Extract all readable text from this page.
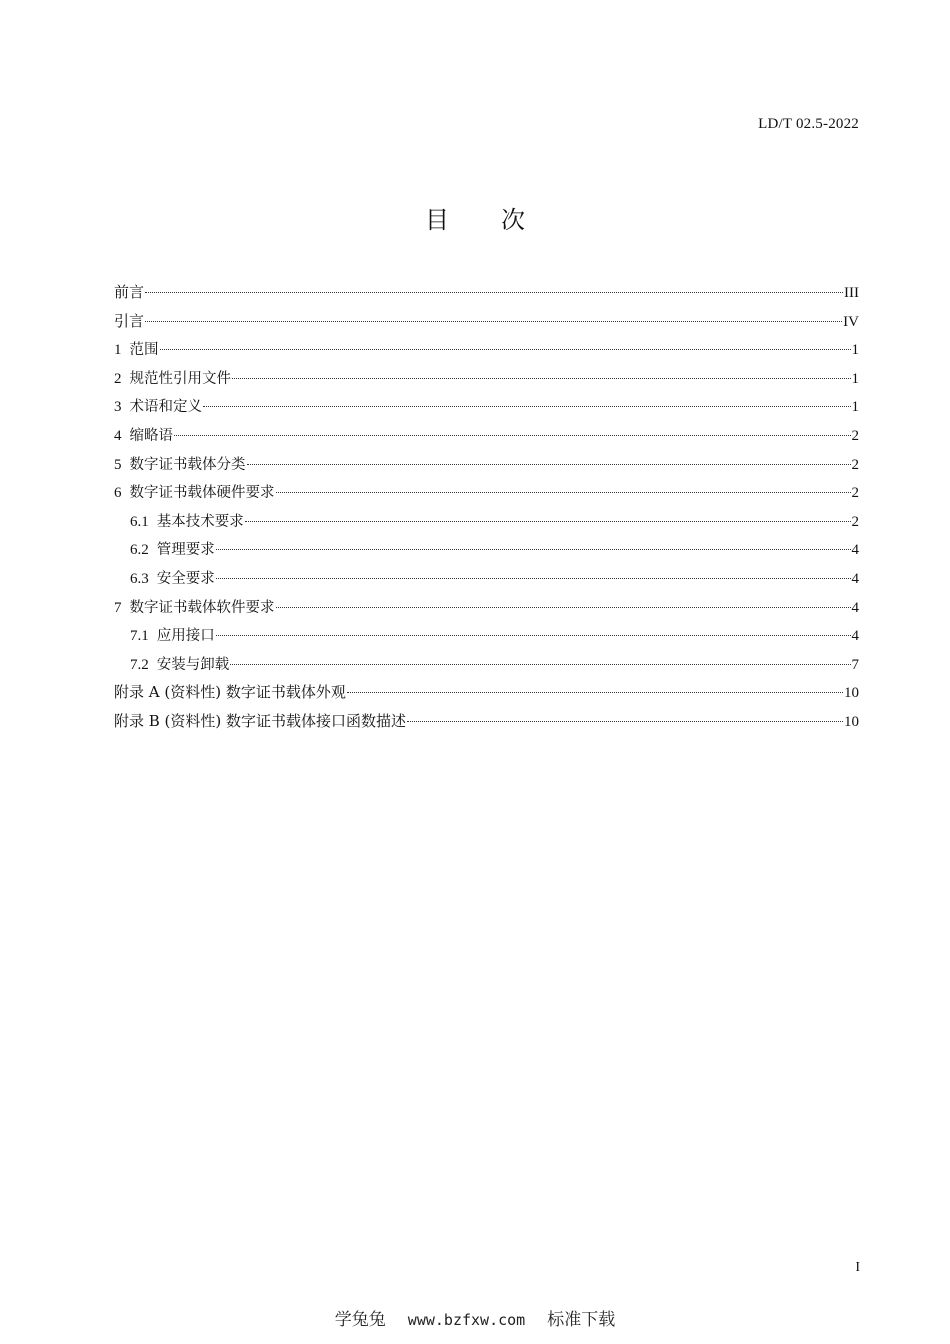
LD/T 02.5-2022
目 次
前言	III
引言	IV
1 范围	1
2 规范性引用文件	1
3 术语和定义	1
4 缩略语	2
5 数字证书载体分类	2
6 数字证书载体硬件要求	2
6.1 基本技术要求	2
6.2 管理要求	4
6.3 安全要求	4
7 数字证书载体软件要求	4
7.1 应用接口	4
7.2 安装与卸载	7
附录 A (资料性) 数字证书载体外观	10
附录 B (资料性) 数字证书载体接口函数描述	10
I
学兔兔 www.bzfxw.com 标准下载
